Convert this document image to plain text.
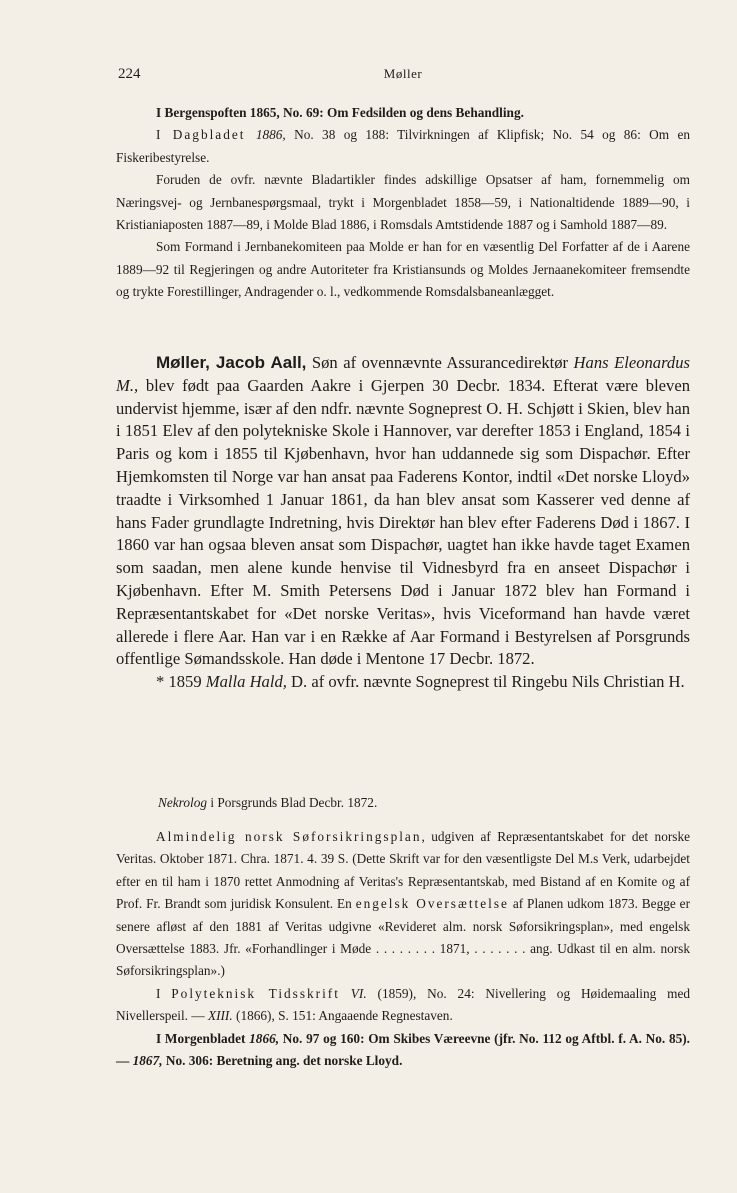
224	Møller

I Bergenspoften 1865, No. 69: Om Fedsilden og dens Behandling.

I Dagbladet 1886, No. 38 og 188: Tilvirkningen af Klipfisk; No. 54 og 86: Om en Fiskeribestyrelse.

Foruden de ovfr. nævnte Bladartikler findes adskillige Opsatser af ham, fornemmelig om Næringsvej- og Jernbanespørgsmaal, trykt i Morgenbladet 1858—59, i Nationaltidende 1889—90, i Kristianiaposten 1887—89, i Molde Blad 1886, i Romsdals Amtstidende 1887 og i Samhold 1887—89.

Som Formand i Jernbanekomiteen paa Molde er han for en væsentlig Del Forfatter af de i Aarene 1889—92 til Regjeringen og andre Autoriteter fra Kristiansunds og Moldes Jernaanekomiteer fremsendte og trykte Forestillinger, Andragender o. l., vedkommende Romsdalsbaneanlægget.

Møller, Jacob Aall, Søn af ovennævnte Assurancedirektør Hans Eleonardus M., blev født paa Gaarden Aakre i Gjerpen 30 Decbr. 1834. Efterat være bleven undervist hjemme, især af den ndfr. nævnte Sogneprest O. H. Schjøtt i Skien, blev han i 1851 Elev af den polytekniske Skole i Hannover, var derefter 1853 i England, 1854 i Paris og kom i 1855 til Kjøbenhavn, hvor han uddannede sig som Dispachør. Efter Hjemkomsten til Norge var han ansat paa Faderens Kontor, indtil «Det norske Lloyd» traadte i Virksomhed 1 Januar 1861, da han blev ansat som Kasserer ved denne af hans Fader grundlagte Indretning, hvis Direktør han blev efter Faderens Død i 1867. I 1860 var han ogsaa bleven ansat som Dispachør, uagtet han ikke havde taget Examen som saadan, men alene kunde henvise til Vidnesbyrd fra en anseet Dispachør i Kjøbenhavn. Efter M. Smith Petersens Død i Januar 1872 blev han Formand i Repræsentantskabet for «Det norske Veritas», hvis Viceformand han havde været allerede i flere Aar. Han var i en Række af Aar Formand i Bestyrelsen af Porsgrunds offentlige Sømandsskole. Han døde i Mentone 17 Decbr. 1872.

* 1859 Malla Hald, D. af ovfr. nævnte Sogneprest til Ringebu Nils Christian H.

Nekrolog i Porsgrunds Blad Decbr. 1872.

Almindelig norsk Søforsikringsplan, udgiven af Repræsentantskabet for det norske Veritas. Oktober 1871. Chra. 1871. 4. 39 S. (Dette Skrift var for den væsentligste Del M.s Verk, udarbejdet efter en til ham i 1870 rettet Anmodning af Veritas's Repræsentantskab, med Bistand af en Komite og af Prof. Fr. Brandt som juridisk Konsulent. En engelsk Oversættelse af Planen udkom 1873. Begge er senere afløst af den 1881 af Veritas udgivne «Revideret alm. norsk Søforsikringsplan», med engelsk Oversættelse 1883. Jfr. «Forhandlinger i Møde . . . . . . . . 1871, . . . . . . . ang. Udkast til en alm. norsk Søforsikringsplan».)

I Polyteknisk Tidsskrift VI. (1859), No. 24: Nivellering og Høidemaaling med Nivellerspeil. — XIII. (1866), S. 151: Angaaende Regnestaven.

I Morgenbladet 1866, No. 97 og 160: Om Skibes Væreevne (jfr. No. 112 og Aftbl. f. A. No. 85). — 1867, No. 306: Beretning ang. det norske Lloyd.
